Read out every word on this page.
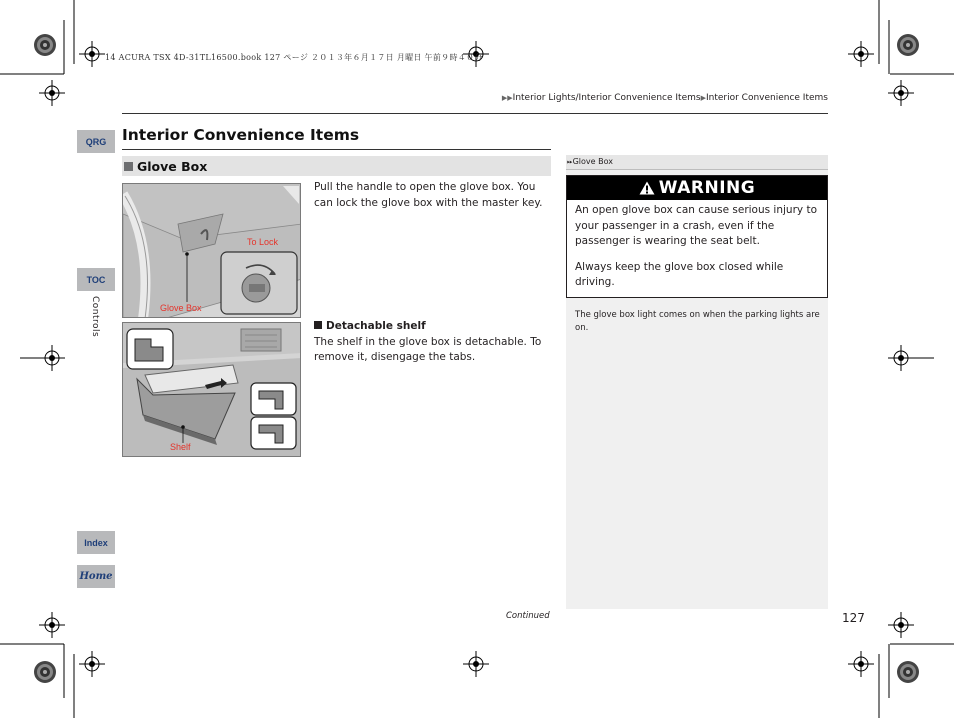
14 ACURA TSX 4D-31TL16500.book 127 ページ ２０１３年６月１７日 月曜日 午前９時４０分
▶▶Interior Lights/Interior Convenience Items▶Interior Convenience Items
QRG
TOC
Index
Home
Controls
Interior Convenience Items
Glove Box
To Lock
Glove Box
Shelf
Pull the handle to open the glove box. You can lock the glove box with the master key.
Detachable shelf
The shelf in the glove box is detachable. To remove it, disengage the tabs.
⏩︎Glove Box
WARNING
An open glove box can cause serious injury to your passenger in a crash, even if the passenger is wearing the seat belt.
Always keep the glove box closed while driving.
The glove box light comes on when the parking lights are on.
Continued	127
